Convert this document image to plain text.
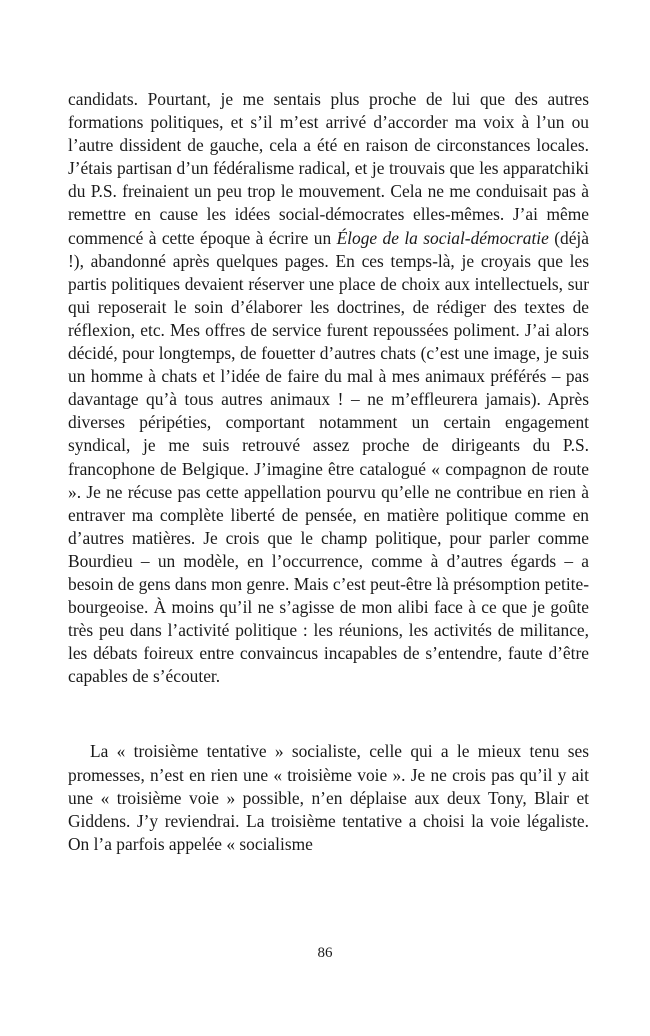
candidats. Pourtant, je me sentais plus proche de lui que des autres formations politiques, et s’il m’est arrivé d’accorder ma voix à l’un ou l’autre dissident de gauche, cela a été en raison de circonstances locales. J’étais partisan d’un fédéralisme radical, et je trouvais que les apparatchiki du P.S. freinaient un peu trop le mouvement. Cela ne me conduisait pas à remettre en cause les idées social-démocrates elles-mêmes. J’ai même commencé à cette époque à écrire un Éloge de la social-démocratie (déjà !), abandonné après quelques pages. En ces temps-là, je croyais que les partis politiques devaient réserver une place de choix aux intellectuels, sur qui reposerait le soin d’élaborer les doctrines, de rédiger des textes de réflexion, etc. Mes offres de service furent repoussées poliment. J’ai alors décidé, pour longtemps, de fouetter d’autres chats (c’est une image, je suis un homme à chats et l’idée de faire du mal à mes animaux préférés – pas davantage qu’à tous autres animaux ! – ne m’effleurera jamais). Après diverses péripéties, comportant notamment un certain engagement syndical, je me suis retrouvé assez proche de dirigeants du P.S. francophone de Belgique. J’imagine être catalogué « compagnon de route ». Je ne récuse pas cette appellation pourvu qu’elle ne contribue en rien à entraver ma complète liberté de pensée, en matière politique comme en d’autres matières. Je crois que le champ politique, pour parler comme Bourdieu – un modèle, en l’occurrence, comme à d’autres égards – a besoin de gens dans mon genre. Mais c’est peut-être là présomption petite-bourgeoise. À moins qu’il ne s’agisse de mon alibi face à ce que je goûte très peu dans l’activité politique : les réunions, les activités de militance, les débats foireux entre convaincus incapables de s’entendre, faute d’être capables de s’écouter.

La « troisième tentative » socialiste, celle qui a le mieux tenu ses promesses, n’est en rien une « troisième voie ». Je ne crois pas qu’il y ait une « troisième voie » possible, n’en déplaise aux deux Tony, Blair et Giddens. J’y reviendrai. La troisième tentative a choisi la voie légaliste. On l’a parfois appelée « socialisme

86
